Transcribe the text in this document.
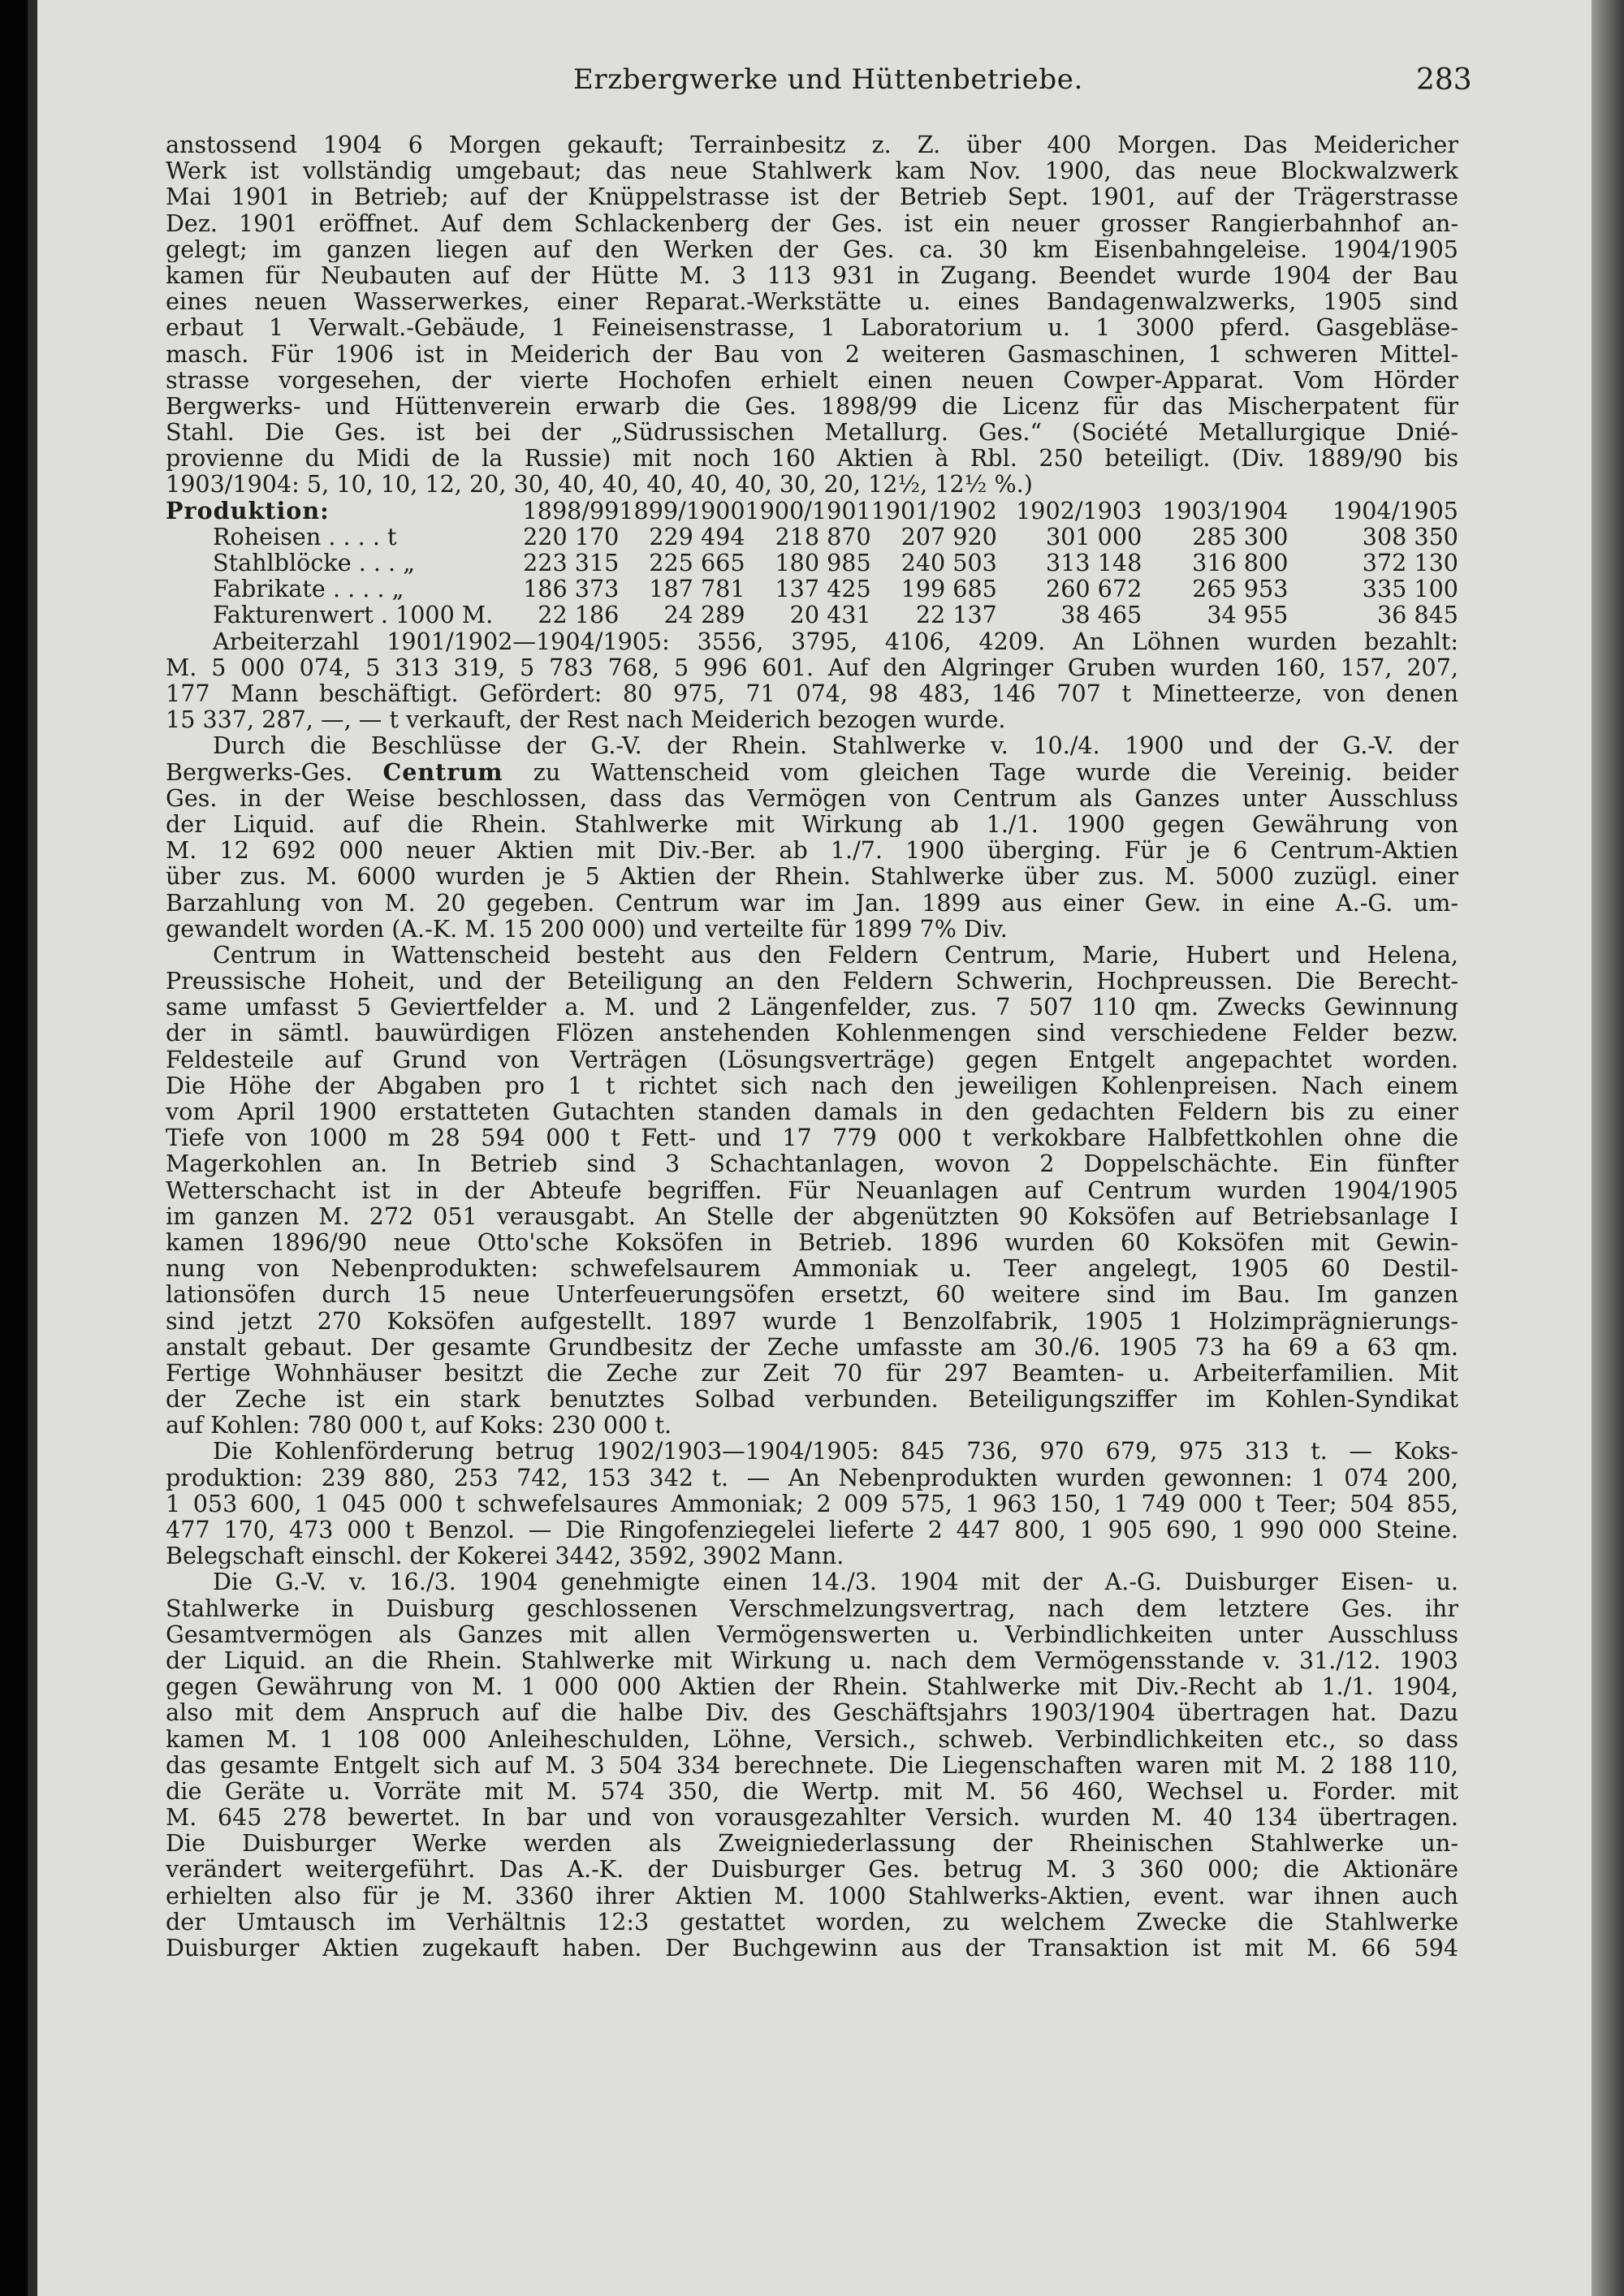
Erzbergwerke und Hüttenbetriebe.	283
anstossend 1904 6 Morgen gekauft; Terrainbesitz z. Z. über 400 Morgen. Das Meidericher
Werk ist vollständig umgebaut; das neue Stahlwerk kam Nov. 1900, das neue Blockwalzwerk
Mai 1901 in Betrieb; auf der Knüppelstrasse ist der Betrieb Sept. 1901, auf der Trägerstrasse
Dez. 1901 eröffnet. Auf dem Schlackenberg der Ges. ist ein neuer grosser Rangierbahnhof an-
gelegt; im ganzen liegen auf den Werken der Ges. ca. 30 km Eisenbahngeleise. 1904/1905
kamen für Neubauten auf der Hütte M. 3 113 931 in Zugang. Beendet wurde 1904 der Bau
eines neuen Wasserwerkes, einer Reparat.-Werkstätte u. eines Bandagenwalzwerks, 1905 sind
erbaut 1 Verwalt.-Gebäude, 1 Feineisenstrasse, 1 Laboratorium u. 1 3000 pferd. Gasgebläse-
masch. Für 1906 ist in Meiderich der Bau von 2 weiteren Gasmaschinen, 1 schweren Mittel-
strasse vorgesehen, der vierte Hochofen erhielt einen neuen Cowper-Apparat. Vom Hörder
Bergwerks- und Hüttenverein erwarb die Ges. 1898/99 die Licenz für das Mischerpatent für
Stahl. Die Ges. ist bei der „Südrussischen Metallurg. Ges.“ (Société Metallurgique Dnié-
provienne du Midi de la Russie) mit noch 160 Aktien à Rbl. 250 beteiligt. (Div. 1889/90 bis
1903/1904: 5, 10, 10, 12, 20, 30, 40, 40, 40, 40, 40, 30, 20, 12½, 12½ %.)
Produktion:	1898/99	1899/1900	1900/1901	1901/1902	1902/1903	1903/1904	1904/1905
Roheisen . . . . t	220 170	229 494	218 870	207 920	301 000	285 300	308 350
Stahlblöcke . . . „	223 315	225 665	180 985	240 503	313 148	316 800	372 130
Fabrikate . . . . „	186 373	187 781	137 425	199 685	260 672	265 953	335 100
Fakturenwert . 1000 M.	22 186	24 289	20 431	22 137	38 465	34 955	36 845
Arbeiterzahl 1901/1902—1904/1905: 3556, 3795, 4106, 4209. An Löhnen wurden bezahlt:
M. 5 000 074, 5 313 319, 5 783 768, 5 996 601. Auf den Algringer Gruben wurden 160, 157, 207,
177 Mann beschäftigt. Gefördert: 80 975, 71 074, 98 483, 146 707 t Minetteerze, von denen
15 337, 287, —, — t verkauft, der Rest nach Meiderich bezogen wurde.
Durch die Beschlüsse der G.-V. der Rhein. Stahlwerke v. 10./4. 1900 und der G.-V. der
Bergwerks-Ges. Centrum zu Wattenscheid vom gleichen Tage wurde die Vereinig. beider
Ges. in der Weise beschlossen, dass das Vermögen von Centrum als Ganzes unter Ausschluss
der Liquid. auf die Rhein. Stahlwerke mit Wirkung ab 1./1. 1900 gegen Gewährung von
M. 12 692 000 neuer Aktien mit Div.-Ber. ab 1./7. 1900 überging. Für je 6 Centrum-Aktien
über zus. M. 6000 wurden je 5 Aktien der Rhein. Stahlwerke über zus. M. 5000 zuzügl. einer
Barzahlung von M. 20 gegeben. Centrum war im Jan. 1899 aus einer Gew. in eine A.-G. um-
gewandelt worden (A.-K. M. 15 200 000) und verteilte für 1899 7% Div.
Centrum in Wattenscheid besteht aus den Feldern Centrum, Marie, Hubert und Helena,
Preussische Hoheit, und der Beteiligung an den Feldern Schwerin, Hochpreussen. Die Berecht-
same umfasst 5 Geviertfelder a. M. und 2 Längenfelder, zus. 7 507 110 qm. Zwecks Gewinnung
der in sämtl. bauwürdigen Flözen anstehenden Kohlenmengen sind verschiedene Felder bezw.
Feldesteile auf Grund von Verträgen (Lösungsverträge) gegen Entgelt angepachtet worden.
Die Höhe der Abgaben pro 1 t richtet sich nach den jeweiligen Kohlenpreisen. Nach einem
vom April 1900 erstatteten Gutachten standen damals in den gedachten Feldern bis zu einer
Tiefe von 1000 m 28 594 000 t Fett- und 17 779 000 t verkokbare Halbfettkohlen ohne die
Magerkohlen an. In Betrieb sind 3 Schachtanlagen, wovon 2 Doppelschächte. Ein fünfter
Wetterschacht ist in der Abteufe begriffen. Für Neuanlagen auf Centrum wurden 1904/1905
im ganzen M. 272 051 verausgabt. An Stelle der abgenützten 90 Koksöfen auf Betriebsanlage I
kamen 1896/90 neue Otto'sche Koksöfen in Betrieb. 1896 wurden 60 Koksöfen mit Gewin-
nung von Nebenprodukten: schwefelsaurem Ammoniak u. Teer angelegt, 1905 60 Destil-
lationsöfen durch 15 neue Unterfeuerungsöfen ersetzt, 60 weitere sind im Bau. Im ganzen
sind jetzt 270 Koksöfen aufgestellt. 1897 wurde 1 Benzolfabrik, 1905 1 Holzimprägnierungs-
anstalt gebaut. Der gesamte Grundbesitz der Zeche umfasste am 30./6. 1905 73 ha 69 a 63 qm.
Fertige Wohnhäuser besitzt die Zeche zur Zeit 70 für 297 Beamten- u. Arbeiterfamilien. Mit
der Zeche ist ein stark benutztes Solbad verbunden. Beteiligungsziffer im Kohlen-Syndikat
auf Kohlen: 780 000 t, auf Koks: 230 000 t.
Die Kohlenförderung betrug 1902/1903—1904/1905: 845 736, 970 679, 975 313 t. — Koks-
produktion: 239 880, 253 742, 153 342 t. — An Nebenprodukten wurden gewonnen: 1 074 200,
1 053 600, 1 045 000 t schwefelsaures Ammoniak; 2 009 575, 1 963 150, 1 749 000 t Teer; 504 855,
477 170, 473 000 t Benzol. — Die Ringofenziegelei lieferte 2 447 800, 1 905 690, 1 990 000 Steine.
Belegschaft einschl. der Kokerei 3442, 3592, 3902 Mann.
Die G.-V. v. 16./3. 1904 genehmigte einen 14./3. 1904 mit der A.-G. Duisburger Eisen- u.
Stahlwerke in Duisburg geschlossenen Verschmelzungsvertrag, nach dem letztere Ges. ihr
Gesamtvermögen als Ganzes mit allen Vermögenswerten u. Verbindlichkeiten unter Ausschluss
der Liquid. an die Rhein. Stahlwerke mit Wirkung u. nach dem Vermögensstande v. 31./12. 1903
gegen Gewährung von M. 1 000 000 Aktien der Rhein. Stahlwerke mit Div.-Recht ab 1./1. 1904,
also mit dem Anspruch auf die halbe Div. des Geschäftsjahrs 1903/1904 übertragen hat. Dazu
kamen M. 1 108 000 Anleiheschulden, Löhne, Versich., schweb. Verbindlichkeiten etc., so dass
das gesamte Entgelt sich auf M. 3 504 334 berechnete. Die Liegenschaften waren mit M. 2 188 110,
die Geräte u. Vorräte mit M. 574 350, die Wertp. mit M. 56 460, Wechsel u. Forder. mit
M. 645 278 bewertet. In bar und von vorausgezahlter Versich. wurden M. 40 134 übertragen.
Die Duisburger Werke werden als Zweigniederlassung der Rheinischen Stahlwerke un-
verändert weitergeführt. Das A.-K. der Duisburger Ges. betrug M. 3 360 000; die Aktionäre
erhielten also für je M. 3360 ihrer Aktien M. 1000 Stahlwerks-Aktien, event. war ihnen auch
der Umtausch im Verhältnis 12:3 gestattet worden, zu welchem Zwecke die Stahlwerke
Duisburger Aktien zugekauft haben. Der Buchgewinn aus der Transaktion ist mit M. 66 594
